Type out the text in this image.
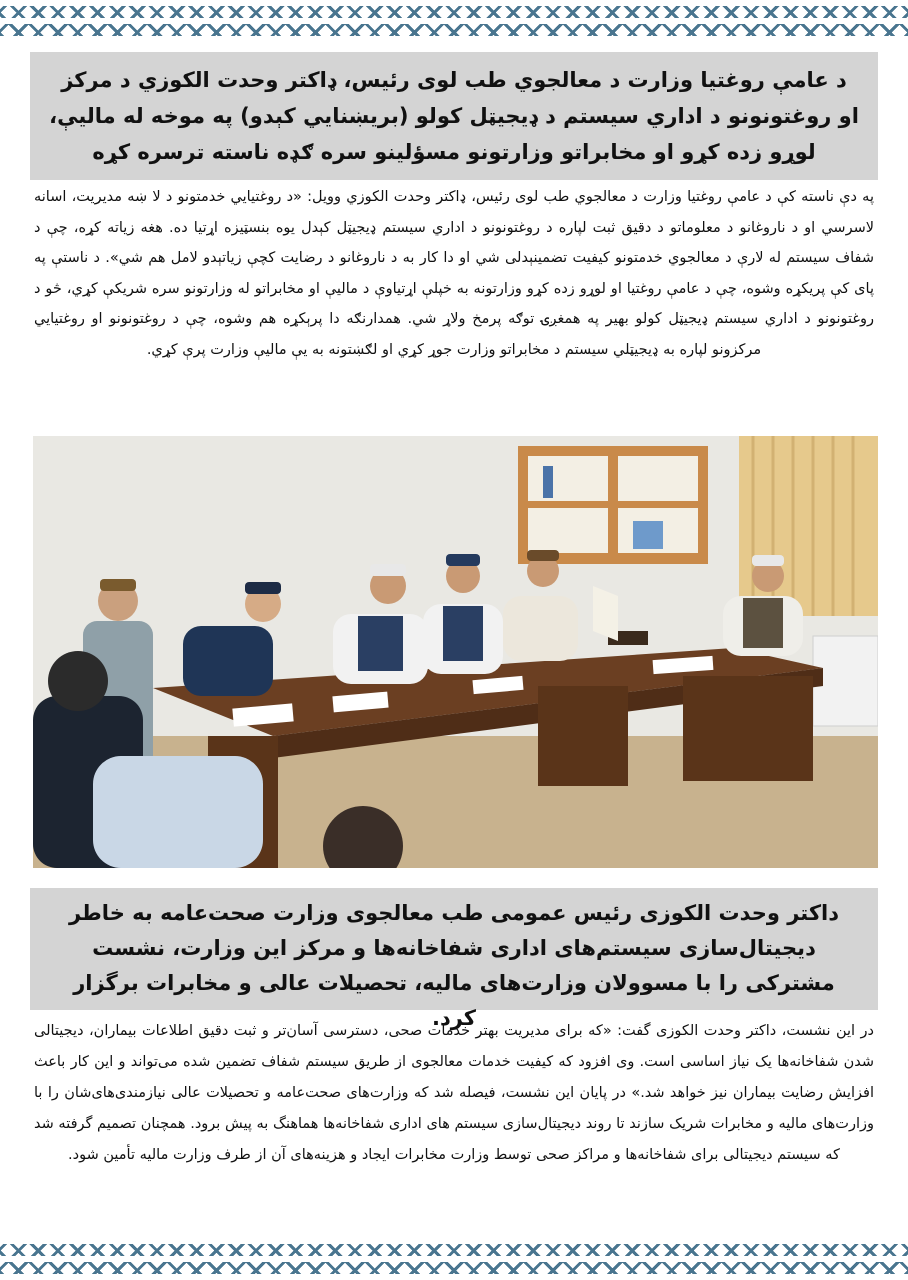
د عامې روغتیا وزارت د معالجوي طب لوی رئیس، ډاکتر وحدت الکوزي د مرکز او روغتونونو د اداري سیستم د ډیجیټل کولو (بریښنایي کېدو) په موخه له مالیې، لوړو زده کړو او مخابراتو وزارتونو مسؤلینو سره ګډه ناسته ترسره کړه
په دې ناسته کې د عامې روغتیا وزارت د معالجوي طب لوی رئیس، ډاکتر وحدت الکوزي وویل: «د روغتیایي خدمتونو د لا ښه مدیریت، اسانه لاسرسي او د ناروغانو د معلوماتو د دقیق ثبت لپاره د روغتونونو د اداري سیستم ډیجیټل کېدل یوه بنسټیزه اړتیا ده. هغه زیاته کړه، چې د شفاف سیستم له لارې د معالجوي خدمتونو کیفیت تضمینېدلی شي او دا کار به د ناروغانو د رضایت کچې زیاتېدو لامل هم شي». د ناستې په پای کې پریکړه وشوه، چې د عامې روغتیا او لوړو زده کړو وزارتونه به خپلې اړتیاوې د مالیې او مخابراتو له وزارتونو سره شریکې کړي، څو د روغتونونو د اداري سیستم ډیجیټل کولو بهیر په همغږۍ توګه پرمخ ولاړ شي. همدارنګه دا پرېکړه هم وشوه، چې د روغتونونو او روغتیایي مرکزونو لپاره به ډیجیټلي سیستم د مخابراتو وزارت جوړ کړي او لګښتونه به یې مالیې وزارت پرې کړي.
داکتر وحدت الکوزی رئیس عمومی طب معالجوی وزارت صحت‌عامه به خاطر دیجیتال‌سازی سیستم‌های اداری شفاخانه‌ها و مرکز این وزارت، نشست مشترکی را با مسوولان وزارت‌های مالیه، تحصیلات عالی و مخابرات برگزار کرد.
در این نشست، داکتر وحدت الکوزی گفت: «که برای مدیریت بهتر خدمات صحی، دسترسی آسان‌تر و ثبت دقیق اطلاعات بیماران، دیجیتالی شدن شفاخانه‌ها یک نیاز اساسی است. وی افزود که کیفیت خدمات معالجوی از طریق سیستم شفاف تضمین شده می‌تواند و این کار باعث افزایش رضایت بیماران نیز خواهد شد.» در پایان این نشست، فیصله شد که وزارت‌های صحت‌عامه و تحصیلات عالی نیازمندی‌های‌شان را با وزارت‌های مالیه و مخابرات شریک سازند تا روند دیجیتال‌سازی سیستم های اداری شفاخانه‌ها هماهنگ به پیش برود. همچنان تصمیم گرفته شد که سیستم دیجیتالی برای شفاخانه‌ها و مراکز صحی توسط وزارت مخابرات ایجاد و هزینه‌های آن از طرف وزارت مالیه تأمین شود.
